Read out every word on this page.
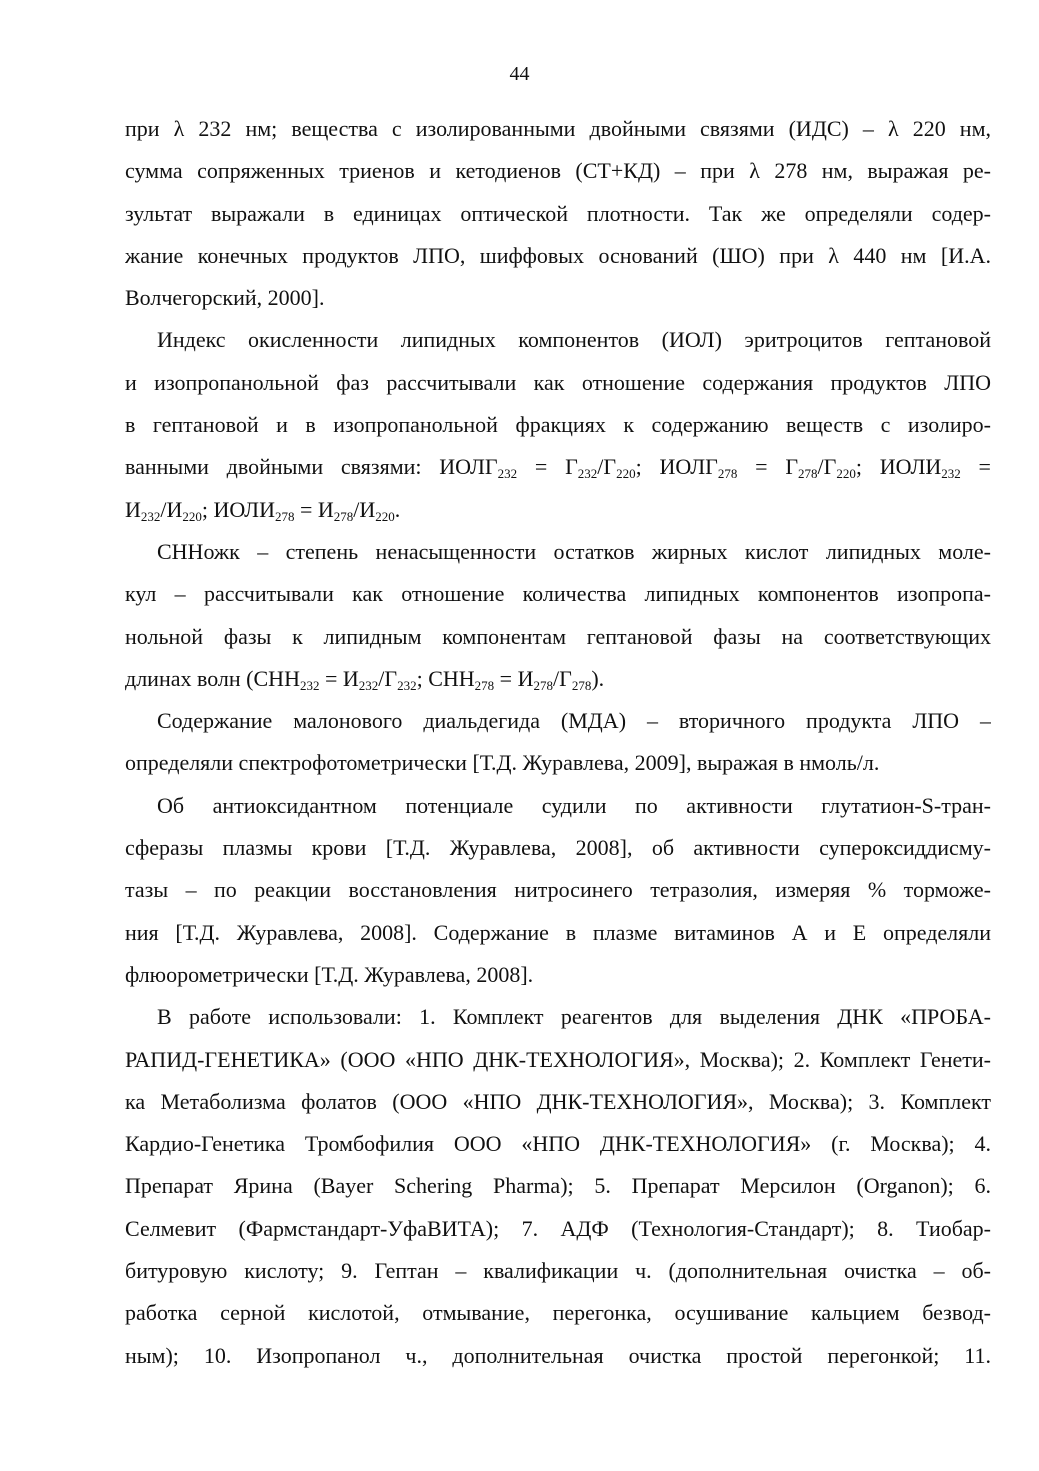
44
при λ 232 нм; вещества с изолированными двойными связями (ИДС) – λ 220 нм,
сумма сопряженных триенов и кетодиенов (СТ+КД) – при λ 278 нм, выражая ре-
зультат выражали в единицах оптической плотности. Так же определяли содер-
жание конечных продуктов ЛПО, шиффовых оснований (ШО) при λ 440 нм [И.А.
Волчегорский, 2000].
Индекс окисленности липидных компонентов (ИОЛ) эритроцитов гептановой
и изопропанольной фаз рассчитывали как отношение содержания продуктов ЛПО
в гептановой и в изопропанольной фракциях к содержанию веществ с изолиро-
ванными двойными связями: $ИОЛГ_{232} = Г_{232}/Г_{220}$; $ИОЛГ_{278} = Г_{278}/Г_{220}$; $ИОЛИ_{232}$ =
$И_{232}/И_{220}$; $ИОЛИ_{278} = И_{278}/И_{220}$.
СННожк – степень ненасыщенности остатков жирных кислот липидных моле-
кул – рассчитывали как отношение количества липидных компонентов изопропа-
нольной фазы к липидным компонентам гептановой фазы на соответствующих
длинах волн ($СНН_{232} = И_{232}/Г_{232}$; $СНН_{278} = И_{278}/Г_{278}$).
Содержание малонового диальдегида (МДА) – вторичного продукта ЛПО –
определяли спектрофотометрически [Т.Д. Журавлева, 2009], выражая в нмоль/л.
Об антиоксидантном потенциале судили по активности глутатион-S-тран-
сферазы плазмы крови [Т.Д. Журавлева, 2008], об активности супероксиддисму-
тазы – по реакции восстановления нитросинего тетразолия, измеряя % торможе-
ния [Т.Д. Журавлева, 2008]. Содержание в плазме витаминов А и Е определяли
флюорометрически [Т.Д. Журавлева, 2008].
В работе использовали: 1. Комплект реагентов для выделения ДНК «ПРОБА-
РАПИД-ГЕНЕТИКА» (ООО «НПО ДНК-ТЕХНОЛОГИЯ», Москва); 2. Комплект Генети-
ка Метаболизма фолатов (ООО «НПО ДНК-ТЕХНОЛОГИЯ», Москва); 3. Комплект
Кардио-Генетика Тромбофилия ООО «НПО ДНК-ТЕХНОЛОГИЯ» (г. Москва); 4.
Препарат Ярина (Bayer Schering Pharma); 5. Препарат Мерсилон (Organon); 6.
Селмевит (Фармстандарт-УфаВИТА); 7. АДФ (Технология-Стандарт); 8. Тиобар-
битуровую кислоту; 9. Гептан – квалификации ч. (дополнительная очистка – об-
работка серной кислотой, отмывание, перегонка, осушивание кальцием безвод-
ным); 10. Изопропанол ч., дополнительная очистка простой перегонкой; 11.
